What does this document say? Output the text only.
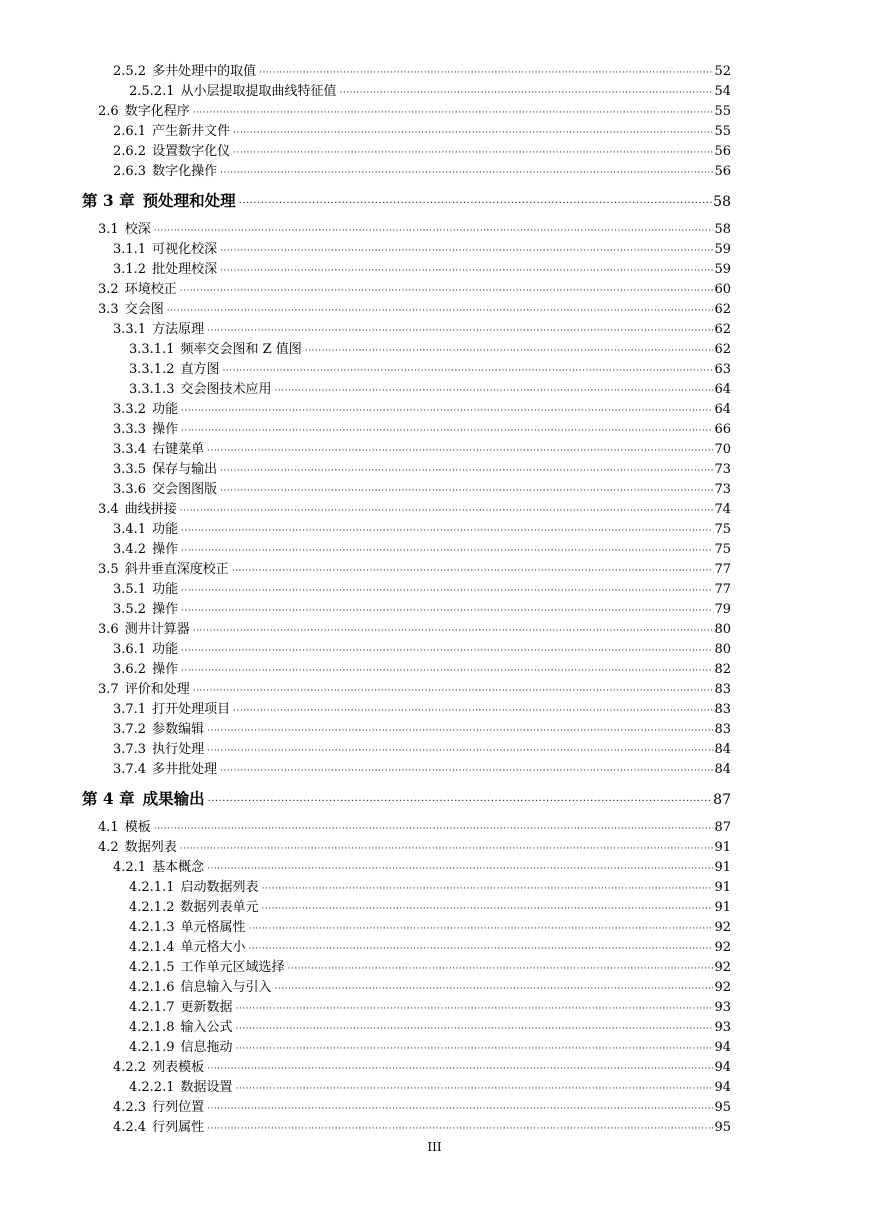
2.5.2 多井处理中的取值 ·····	52
2.5.2.1 从小层提取提取曲线特征值 ·····	54
2.6 数字化程序 ·····	55
2.6.1 产生新井文件 ·····	55
2.6.2 设置数字化仪 ·····	56
2.6.3 数字化操作 ·····	56
第 3 章 预处理和处理 ·····	58
3.1 校深 ·····	58
3.1.1 可视化校深 ·····	59
3.1.2 批处理校深 ·····	59
3.2 环境校正 ·····	60
3.3 交会图 ·····	62
3.3.1 方法原理 ·····	62
3.3.1.1 频率交会图和 Z 值图 ·····	62
3.3.1.2 直方图 ·····	63
3.3.1.3 交会图技术应用 ·····	64
3.3.2 功能 ·····	64
3.3.3 操作 ·····	66
3.3.4 右键菜单 ·····	70
3.3.5 保存与输出 ·····	73
3.3.6 交会图图版 ·····	73
3.4 曲线拼接 ·····	74
3.4.1 功能 ·····	75
3.4.2 操作 ·····	75
3.5 斜井垂直深度校正 ·····	77
3.5.1 功能 ·····	77
3.5.2 操作 ·····	79
3.6 测井计算器 ·····	80
3.6.1 功能 ·····	80
3.6.2 操作 ·····	82
3.7 评价和处理 ·····	83
3.7.1 打开处理项目 ·····	83
3.7.2 参数编辑 ·····	83
3.7.3 执行处理 ·····	84
3.7.4 多井批处理 ·····	84
第 4 章 成果输出 ·····	87
4.1 模板 ·····	87
4.2 数据列表 ·····	91
4.2.1 基本概念 ·····	91
4.2.1.1 启动数据列表 ·····	91
4.2.1.2 数据列表单元 ·····	91
4.2.1.3 单元格属性 ·····	92
4.2.1.4 单元格大小 ·····	92
4.2.1.5 工作单元区域选择 ·····	92
4.2.1.6 信息输入与引入 ·····	92
4.2.1.7 更新数据 ·····	93
4.2.1.8 输入公式 ·····	93
4.2.1.9 信息拖动 ·····	94
4.2.2 列表模板 ·····	94
4.2.2.1 数据设置 ·····	94
4.2.3 行列位置 ·····	95
4.2.4 行列属性 ·····	95
III
